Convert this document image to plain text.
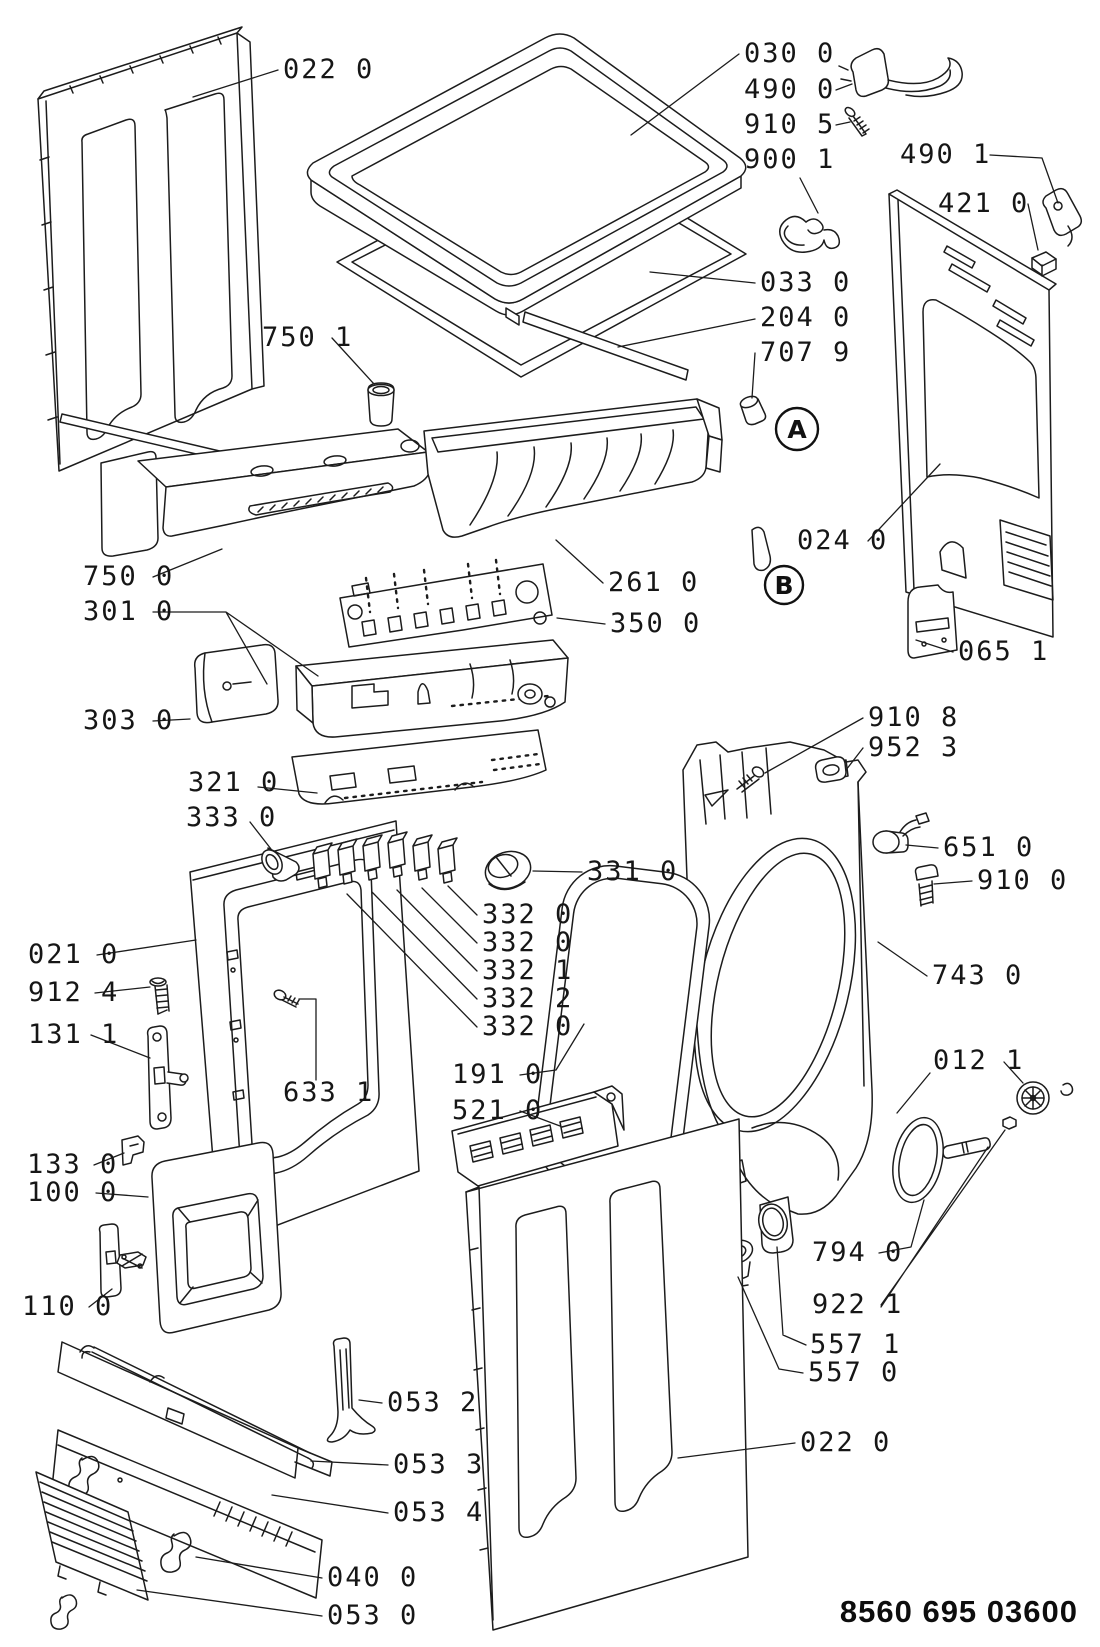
022 0
030 0
490 0
910 5
900 1 490 1
421 0
033 0
204 0
707 9
024 0
065 1
750 1
750 0
301 0
303 0
350 0
261 0
321 0
333 0
331 0
332 0
332 0
332 1
332 2
332 0
910 8
952 3
651 0
910 0
743 0
021 0
912 4
131 1
633 1
191 0
521 0
133 0
100 0
110 0
012 1
794 0
922 1
557 1
557 0
022 0
053 2
053 3
053 4
040 0
053 0
A
B
8560 695 03600
